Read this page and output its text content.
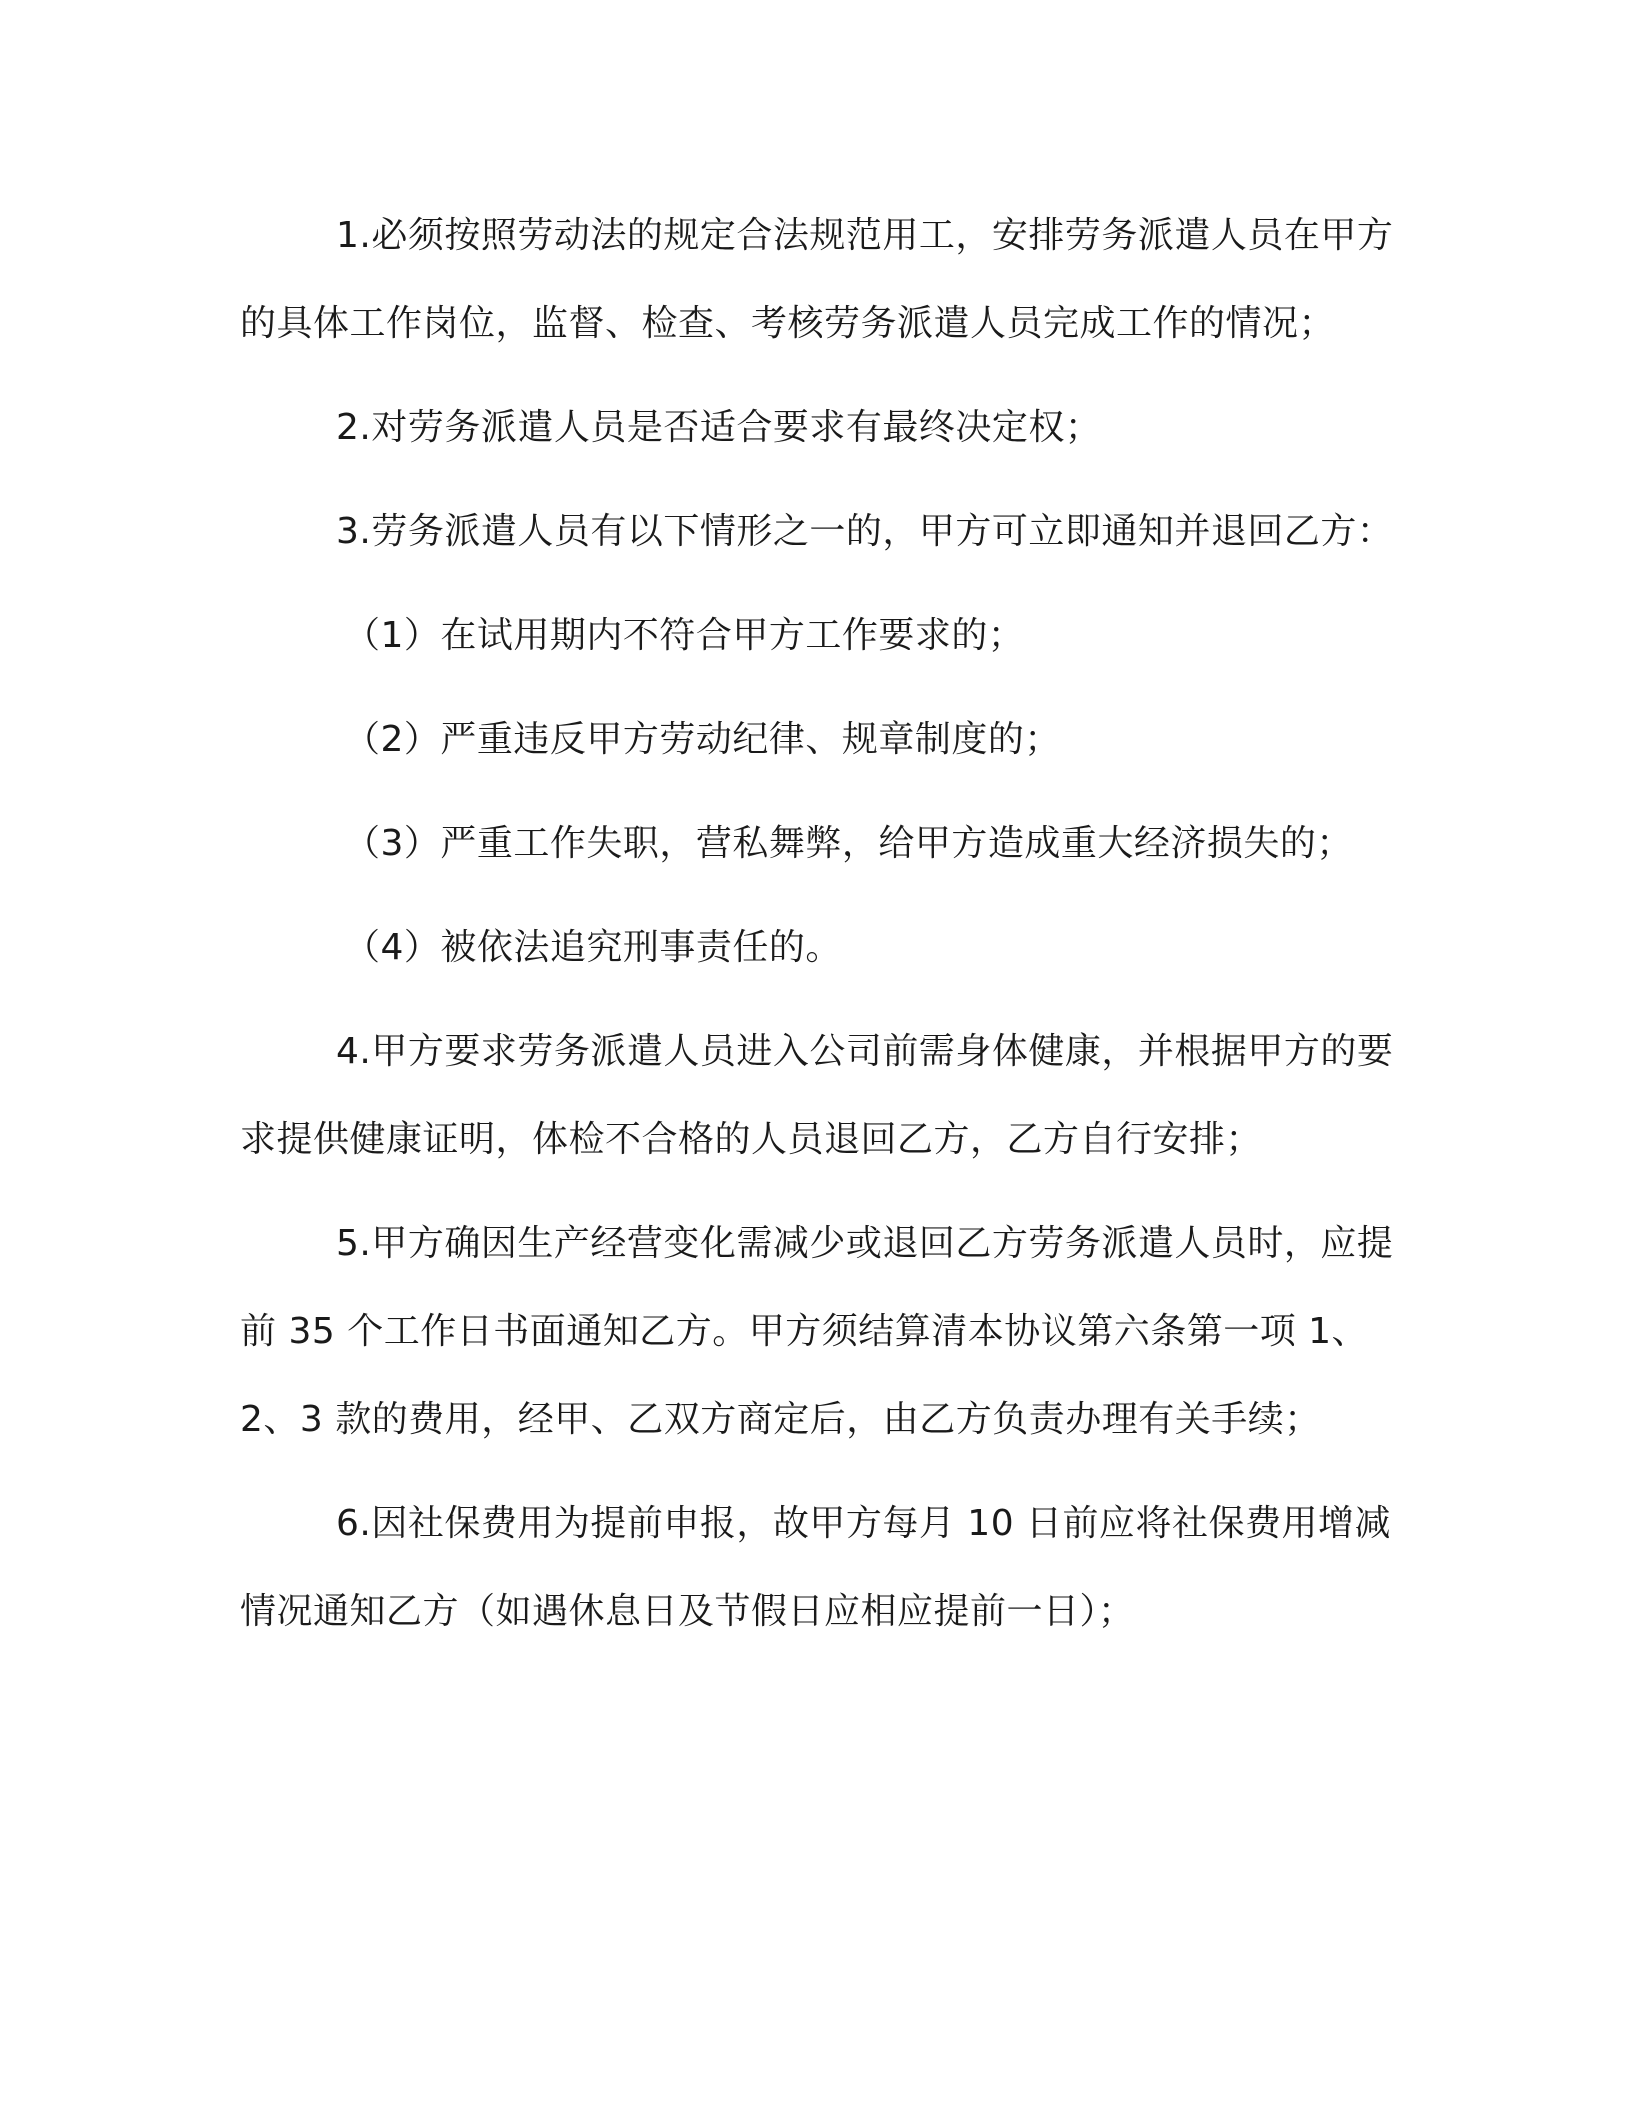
1.必须按照劳动法的规定合法规范用工，安排劳务派遣人员在甲方的具体工作岗位，监督、检查、考核劳务派遣人员完成工作的情况；

2.对劳务派遣人员是否适合要求有最终决定权；

3.劳务派遣人员有以下情形之一的，甲方可立即通知并退回乙方：

（1）在试用期内不符合甲方工作要求的；

（2）严重违反甲方劳动纪律、规章制度的；

（3）严重工作失职，营私舞弊，给甲方造成重大经济损失的；

（4）被依法追究刑事责任的。

4.甲方要求劳务派遣人员进入公司前需身体健康，并根据甲方的要求提供健康证明，体检不合格的人员退回乙方，乙方自行安排；

5.甲方确因生产经营变化需减少或退回乙方劳务派遣人员时，应提前 35 个工作日书面通知乙方。甲方须结算清本协议第六条第一项 1、2、3 款的费用，经甲、乙双方商定后，由乙方负责办理有关手续；

6.因社保费用为提前申报，故甲方每月 10 日前应将社保费用增减情况通知乙方（如遇休息日及节假日应相应提前一日）；
